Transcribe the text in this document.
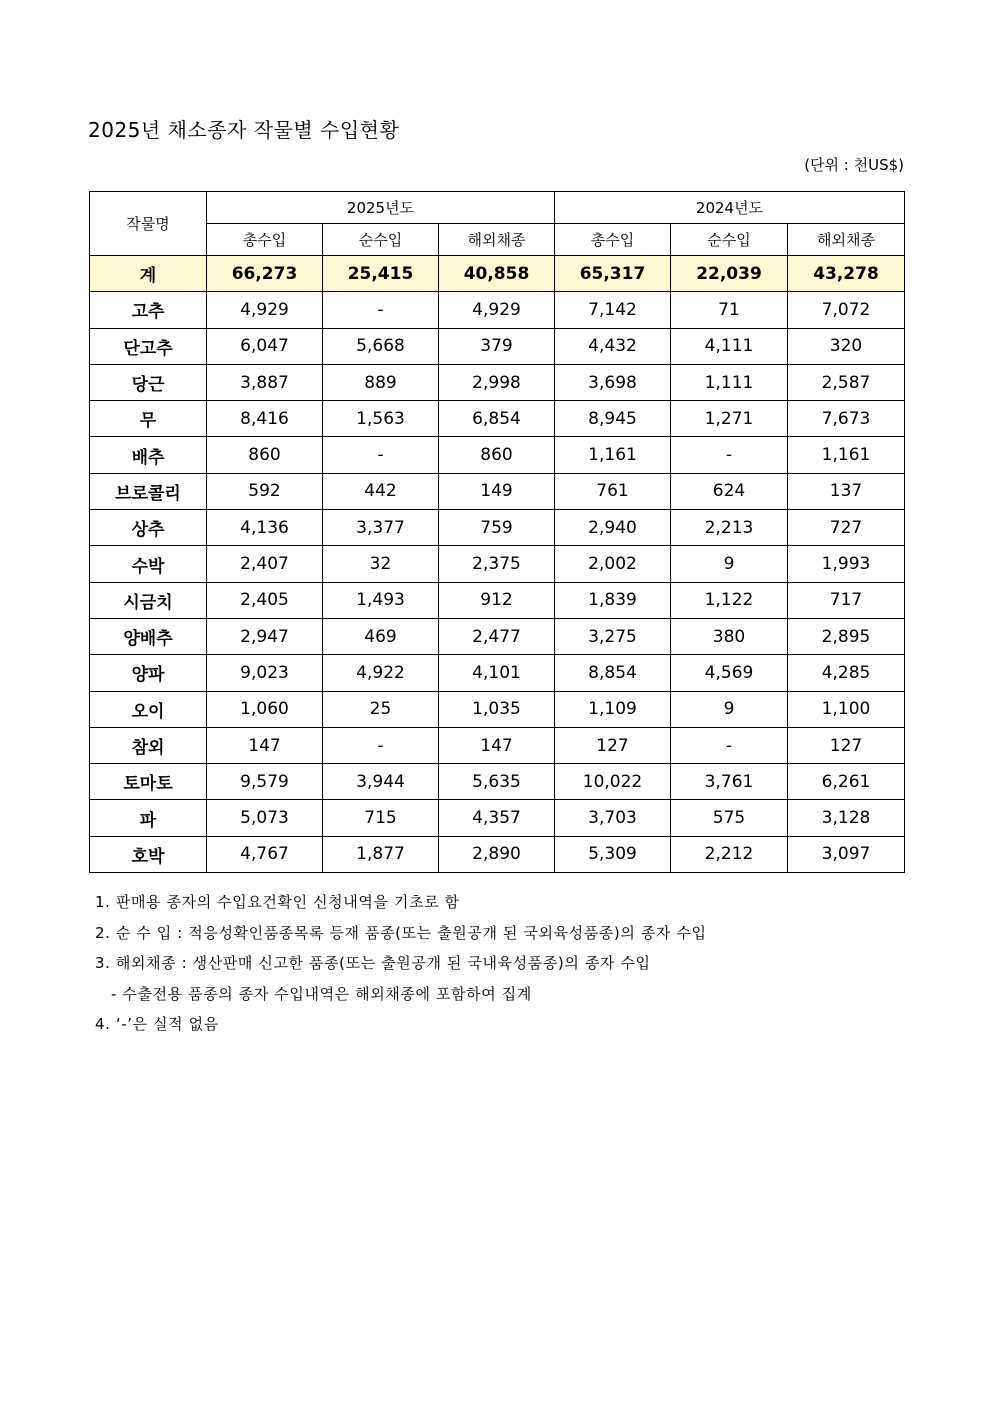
2025년 채소종자 작물별 수입현황
(단위 : 천US$)
작물명	2025년도			2024년도		
	총수입	순수입	해외채종	총수입	순수입	해외채종
계	66,273	25,415	40,858	65,317	22,039	43,278
고추	4,929	-	4,929	7,142	71	7,072
단고추	6,047	5,668	379	4,432	4,111	320
당근	3,887	889	2,998	3,698	1,111	2,587
무	8,416	1,563	6,854	8,945	1,271	7,673
배추	860	-	860	1,161	-	1,161
브로콜리	592	442	149	761	624	137
상추	4,136	3,377	759	2,940	2,213	727
수박	2,407	32	2,375	2,002	9	1,993
시금치	2,405	1,493	912	1,839	1,122	717
양배추	2,947	469	2,477	3,275	380	2,895
양파	9,023	4,922	4,101	8,854	4,569	4,285
오이	1,060	25	1,035	1,109	9	1,100
참외	147	-	147	127	-	127
토마토	9,579	3,944	5,635	10,022	3,761	6,261
파	5,073	715	4,357	3,703	575	3,128
호박	4,767	1,877	2,890	5,309	2,212	3,097
1. 판매용 종자의 수입요건확인 신청내역을 기초로 함
2. 순 수 입 : 적응성확인품종목록 등재 품종(또는 출원공개 된 국외육성품종)의 종자 수입
3. 해외채종 : 생산판매 신고한 품종(또는 출원공개 된 국내육성품종)의 종자 수입
- 수출전용 품종의 종자 수입내역은 해외채종에 포함하여 집계
4. ‘-’은 실적 없음
